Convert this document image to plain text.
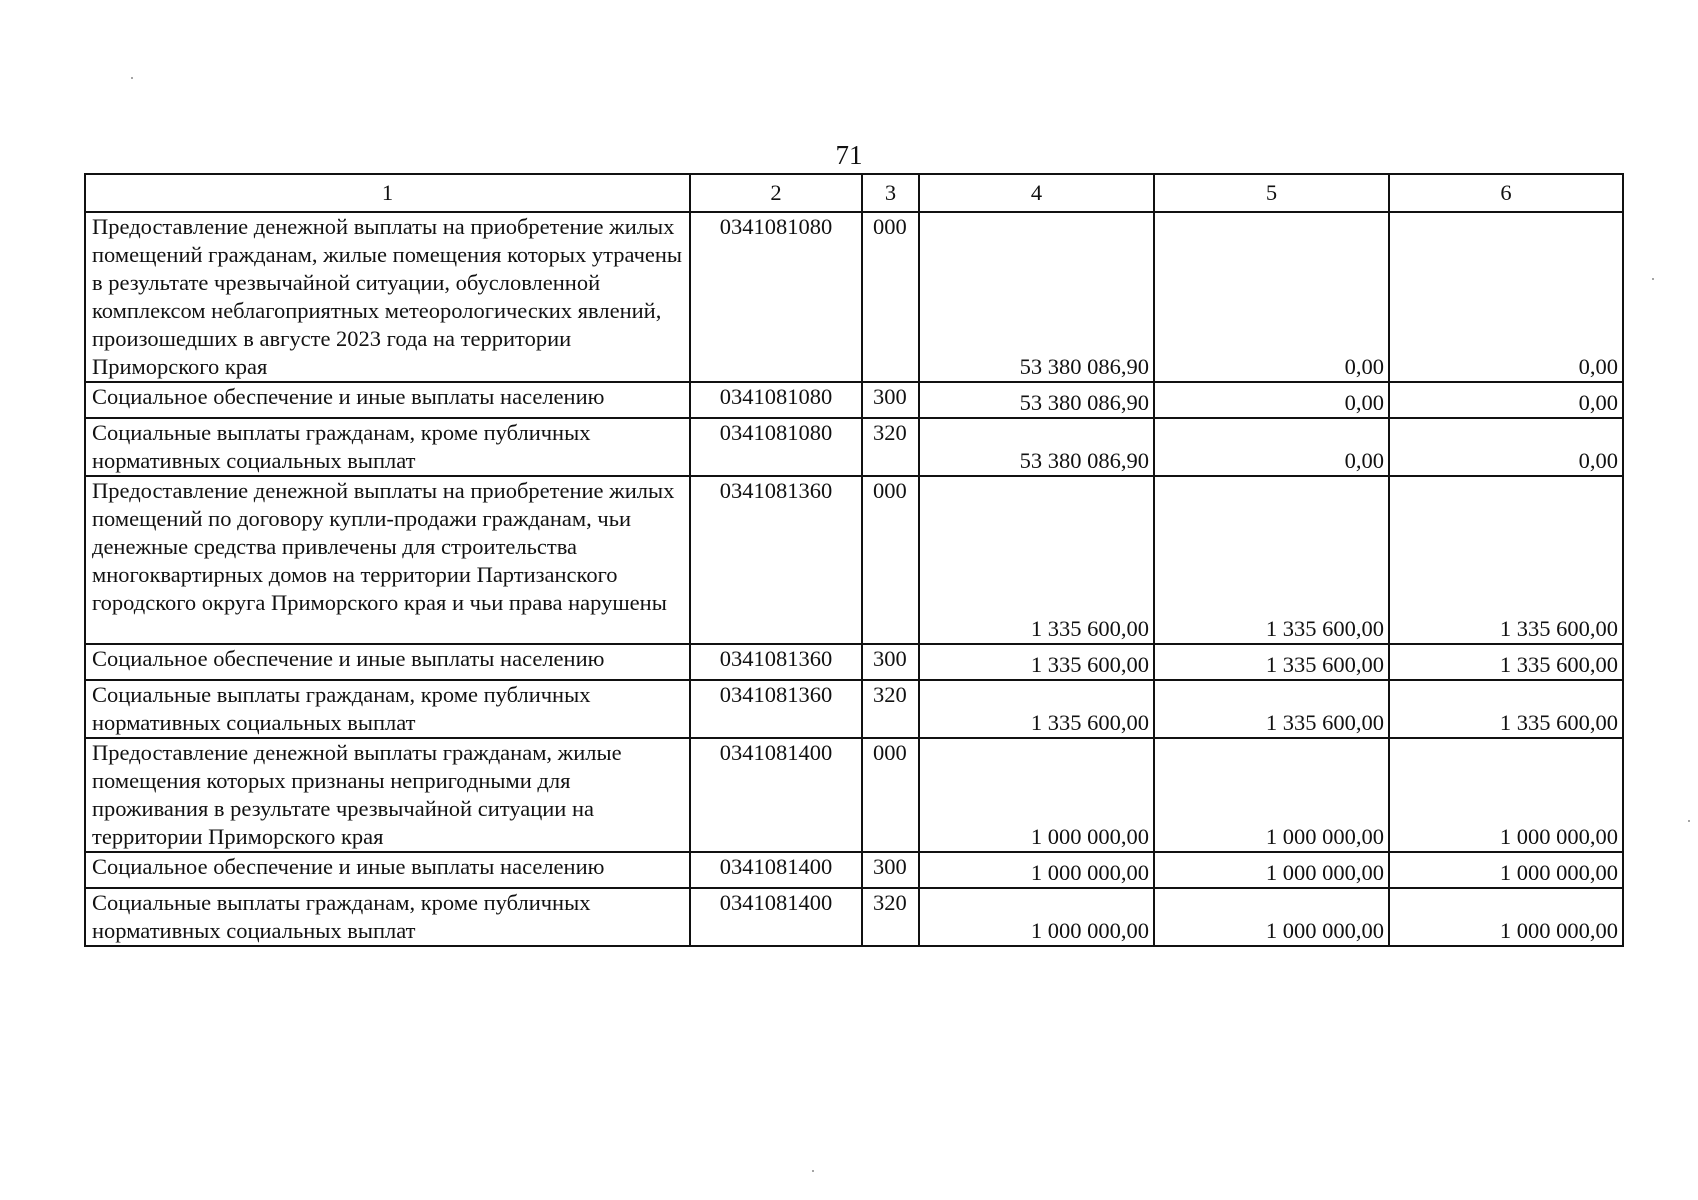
71
1	2	3	4	5	6
Предоставление денежной выплаты на приобретение жилых помещений гражданам, жилые помещения которых утрачены в результате чрезвычайной ситуации, обусловленной комплексом неблагоприятных метеорологических явлений, произошедших в августе 2023 года на территории Приморского края	0341081080	000	53 380 086,90	0,00	0,00
Социальное обеспечение и иные выплаты населению	0341081080	300	53 380 086,90	0,00	0,00
Социальные выплаты гражданам, кроме публичных нормативных социальных выплат	0341081080	320	53 380 086,90	0,00	0,00
Предоставление денежной выплаты на приобретение жилых помещений по договору купли-продажи гражданам, чьи денежные средства привлечены для строительства многоквартирных домов на территории Партизанского городского округа Приморского края и чьи права нарушены	0341081360	000	1 335 600,00	1 335 600,00	1 335 600,00
Социальное обеспечение и иные выплаты населению	0341081360	300	1 335 600,00	1 335 600,00	1 335 600,00
Социальные выплаты гражданам, кроме публичных нормативных социальных выплат	0341081360	320	1 335 600,00	1 335 600,00	1 335 600,00
Предоставление денежной выплаты гражданам, жилые помещения которых признаны непригодными для проживания в результате чрезвычайной ситуации на территории Приморского края	0341081400	000	1 000 000,00	1 000 000,00	1 000 000,00
Социальное обеспечение и иные выплаты населению	0341081400	300	1 000 000,00	1 000 000,00	1 000 000,00
Социальные выплаты гражданам, кроме публичных нормативных социальных выплат	0341081400	320	1 000 000,00	1 000 000,00	1 000 000,00
